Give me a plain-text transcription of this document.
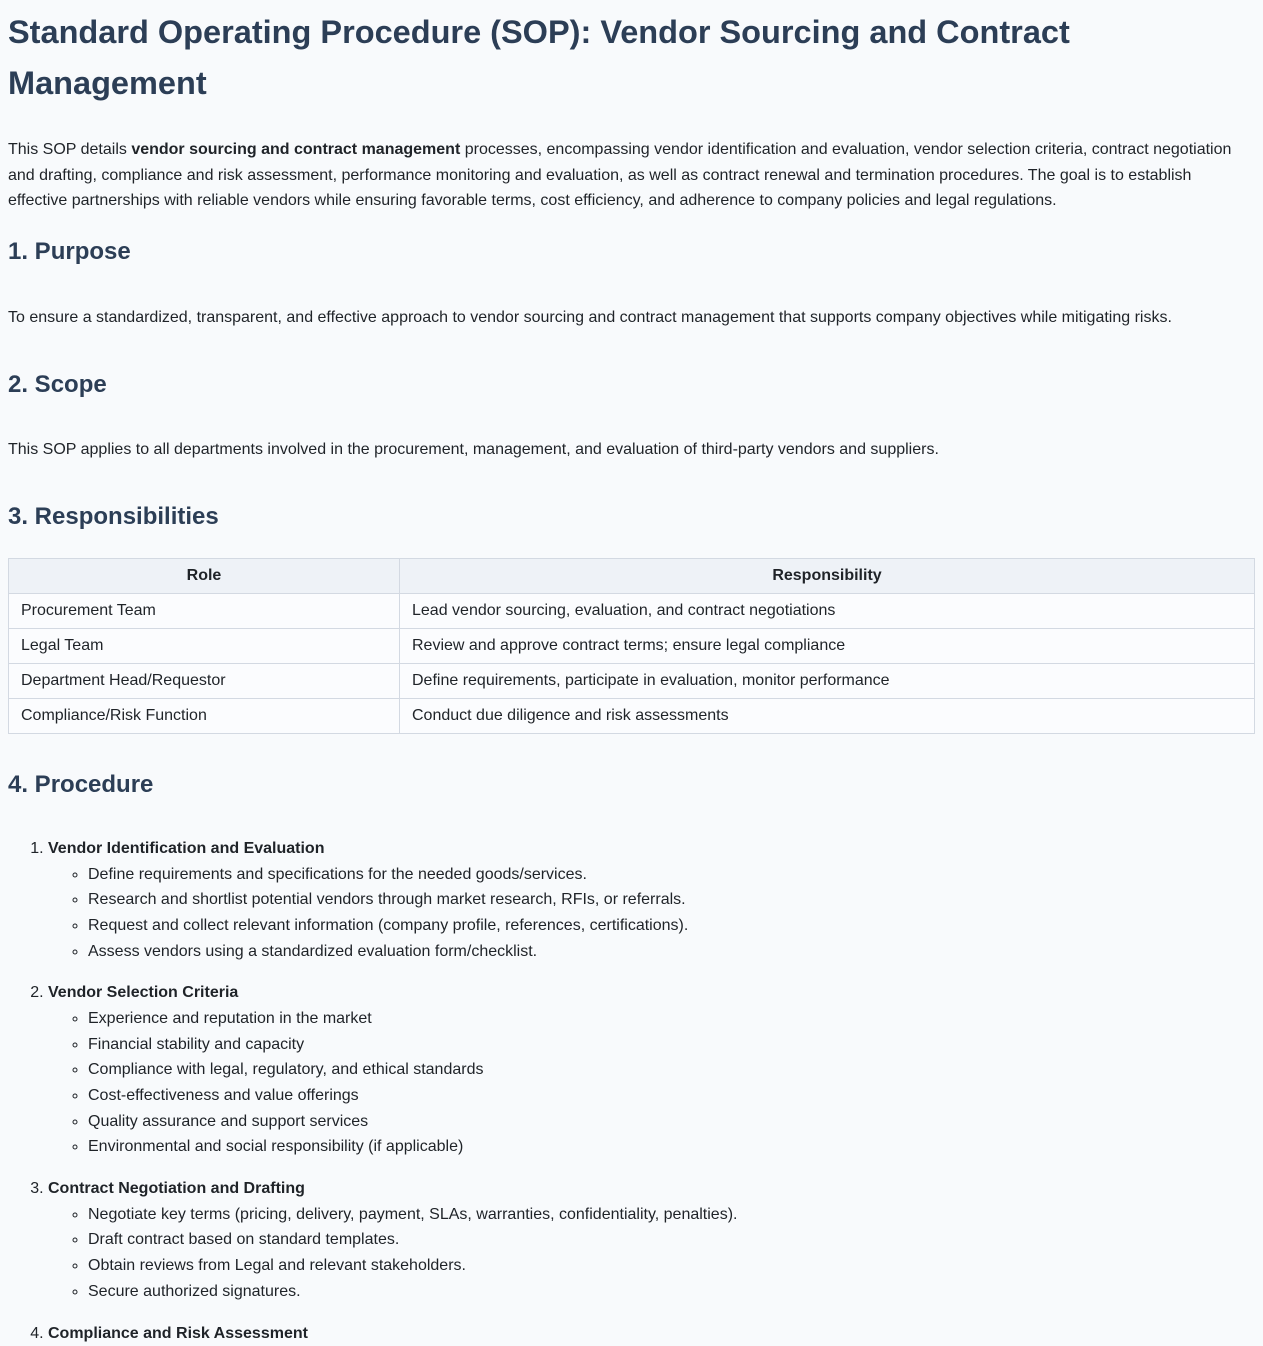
Standard Operating Procedure (SOP): Vendor Sourcing and Contract Management

This SOP details vendor sourcing and contract management processes, encompassing vendor identification and evaluation, vendor selection criteria, contract negotiation and drafting, compliance and risk assessment, performance monitoring and evaluation, as well as contract renewal and termination procedures. The goal is to establish effective partnerships with reliable vendors while ensuring favorable terms, cost efficiency, and adherence to company policies and legal regulations.

1. Purpose

To ensure a standardized, transparent, and effective approach to vendor sourcing and contract management that supports company objectives while mitigating risks.

2. Scope

This SOP applies to all departments involved in the procurement, management, and evaluation of third-party vendors and suppliers.

3. Responsibilities
Role	Responsibility
Procurement Team	Lead vendor sourcing, evaluation, and contract negotiations
Legal Team	Review and approve contract terms; ensure legal compliance
Department Head/Requestor	Define requirements, participate in evaluation, monitor performance
Compliance/Risk Function	Conduct due diligence and risk assessments
4. Procedure
1. Vendor Identification and Evaluation
◦ Define requirements and specifications for the needed goods/services.
◦ Research and shortlist potential vendors through market research, RFIs, or referrals.
◦ Request and collect relevant information (company profile, references, certifications).
◦ Assess vendors using a standardized evaluation form/checklist.
2. Vendor Selection Criteria
◦ Experience and reputation in the market
◦ Financial stability and capacity
◦ Compliance with legal, regulatory, and ethical standards
◦ Cost-effectiveness and value offerings
◦ Quality assurance and support services
◦ Environmental and social responsibility (if applicable)
3. Contract Negotiation and Drafting
◦ Negotiate key terms (pricing, delivery, payment, SLAs, warranties, confidentiality, penalties).
◦ Draft contract based on standard templates.
◦ Obtain reviews from Legal and relevant stakeholders.
◦ Secure authorized signatures.
4. Compliance and Risk Assessment
